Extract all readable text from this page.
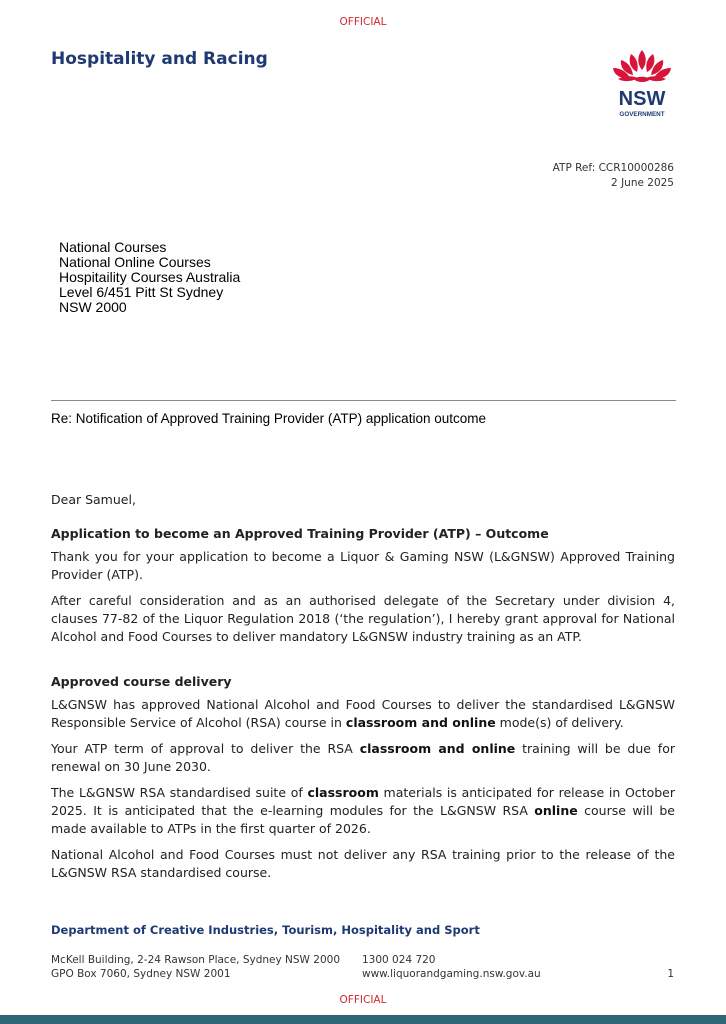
OFFICIAL
Hospitality and Racing
NSW
GOVERNMENT
ATP Ref: CCR10000286
2 June 2025
National Courses
National Online Courses
Hospitaility Courses Australia
Level 6/451 Pitt St Sydney
NSW 2000
Re: Notification of Approved Training Provider (ATP) application outcome
Dear Samuel,
Application to become an Approved Training Provider (ATP) – Outcome
Thank you for your application to become a Liquor & Gaming NSW (L&GNSW) Approved Training Provider (ATP).
After careful consideration and as an authorised delegate of the Secretary under division 4, clauses 77-82 of the Liquor Regulation 2018 (‘the regulation’), I hereby grant approval for National Alcohol and Food Courses to deliver mandatory L&GNSW industry training as an ATP.
Approved course delivery
L&GNSW has approved National Alcohol and Food Courses to deliver the standardised L&GNSW Responsible Service of Alcohol (RSA) course in classroom and online mode(s) of delivery.
Your ATP term of approval to deliver the RSA classroom and online training will be due for renewal on 30 June 2030.
The L&GNSW RSA standardised suite of classroom materials is anticipated for release in October 2025. It is anticipated that the e-learning modules for the L&GNSW RSA online course will be made available to ATPs in the first quarter of 2026.
National Alcohol and Food Courses must not deliver any RSA training prior to the release of the L&GNSW RSA standardised course.
Department of Creative Industries, Tourism, Hospitality and Sport
McKell Building, 2-24 Rawson Place, Sydney NSW 2000
GPO Box 7060, Sydney NSW 2001
1300 024 720
www.liquorandgaming.nsw.gov.au	1
OFFICIAL
